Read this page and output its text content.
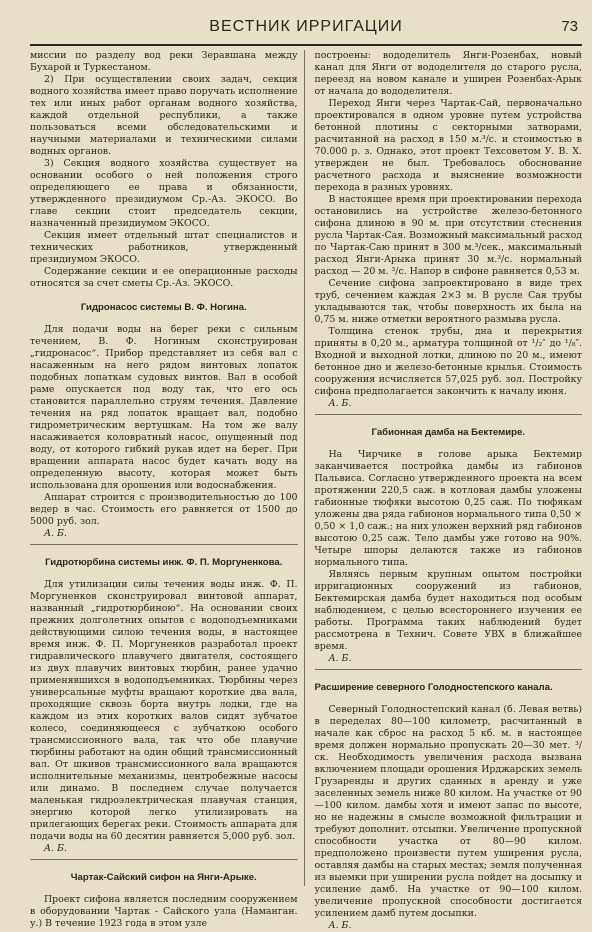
ВЕСТНИК ИРРИГАЦИИ	73

миссии по разделу вод реки Зеравшана между Бухарой и Туркестаном.

2) При осуществлении своих задач, секция водного хозяйства имеет право поручать исполнение тех или иных работ органам водного хозяйства, каждой отдельной республики, а также пользоваться всеми обследовательскими и научными материалами и техническими силами водных органов.

3) Секция водного хозяйства существует на основании особого о ней положения строго определяющего ее права и обязанности, утвержденного президиумом Ср.-Аз. ЭКОСО. Во главе секции стоит председатель секции, назначенный президиумом ЭКОСО.

Секция имеет отдельный штат специалистов и технических работников, утвержденный президиумом ЭКОСО.

Содержание секции и ее операционные расходы относятся за счет сметы Ср.-Аз. ЭКОСО.

Гидронасос системы В. Ф. Ногина.

Для подачи воды на берег реки с сильным течением, В. Ф. Ногиным сконструирован „гидронасос“. Прибор представляет из себя вал с насаженным на него рядом винтовых лопаток подобных лопаткам судовых винтов. Вал в особой раме опускается под воду так, что его ось становится параллельно струям течения. Давление течения на ряд лопаток вращает вал, подобно гидрометрическим вертушкам. На том же валу насаживается коловратный насос, опущенный под воду, от которого гибкий рукав идет на берег. При вращении аппарата насос будет качать воду на определенную высоту, которая может быть использована для орошения или водоснабжения.

Аппарат строится с производительностью до 100 ведер в час. Стоимость его равняется от 1500 до 5000 руб. зол.

А. Б.

Гидротюрбина системы инж. Ф. П. Моргуненкова.

Для утилизации силы течения воды инж. Ф. П. Моргуненков сконструировал винтовой аппарат, названный „гидротюрбиною“. На основании своих прежних долголетних опытов с водоподъемниками действующими силою течения воды, в настоящее время инж. Ф. П. Моргуненков разработал проект гидравлического плавучего двигателя, состоящего из двух плавучих винтовых тюрбин, ранее удачно применявшихся в водоподъемниках. Тюрбины через универсальные муфты вращают короткие два вала, проходящие сквозь борта внутрь лодки, где на каждом из этих коротких валов сидят зубчатое колесо, соединяющееся с зубчаткою особого трансмиссионного вала, так что обе плавучие тюрбины работают на один общий трансмиссионный вал. От шкивов трансмиссионного вала вращаются исполнительные механизмы, центробежные насосы или динамо. В последнем случае получается маленькая гидроэлектрическая плавучая станция, энергию которой легко утилизировать на прилегающих берегах реки. Стоимость аппарата для подачи воды на 60 десятин равняется 5,000 руб. зол.

А. Б.

Чартак-Сайский сифон на Янги-Арыке.

Проект сифона является последним сооружением в оборудовании Чартак - Сайского узла (Наманган. у.) В течение 1923 года в этом узле

построены: вододелитель Янги-Розенбах, новый канал для Янги от вододелителя до старого русла, переезд на новом канале и уширен Розенбах-Арык от начала до вододелителя.

Переход Янги через Чартак-Сай, первоначально проектировался в одном уровне путем устройства бетонной плотины с секторными затворами, расчитанной на расход в 150 м.³/с. и стоимостью в 70.000 р. з. Однако, этот проект Техсоветом У. В. Х. утвержден не был. Требовалось обоснование расчетного расхода и выяснение возможности перехода в разных уровнях.

В настоящее время при проектировании перехода остановились на устройстве железо-бетонного сифона длиною в 90 м. при отсутствии стеснения русла Чартак-Сая. Возможный максимальный расход по Чартак-Саю принят в 300 м.³/сек., максимальный расход Янги-Арыка принят 30 м.³/с. нормальный расход — 20 м. ³/с. Напор в сифоне равняется 0,53 м.

Сечение сифона запроектировано в виде трех труб, сечением каждая 2×3 м. В русле Сая трубы укладываются так, чтобы поверхность их была на 0,75 м. ниже отметки вероятного размыва русла.

Толщина стенок трубы, дна и перекрытия приняты в 0,20 м., арматура толщиной от ¹/₂″ до ¹/₈″. Входной и выходной лотки, длиною по 20 м., имеют бетонное дно и железо-бетонные крылья. Стоимость сооружения исчисляется 57,025 руб. зол. Постройку сифона предполагается закончить к началу июня.

А. Б.

Габионная дамба на Бектемире.

На Чирчике в голове арыка Бектемир заканчивается постройка дамбы из габионов Пальвиса. Согласно утвержденного проекта на всем протяжении 220,5 саж. в котловая дамбы уложены габионные тюфяки высотою 0,25 саж. По тюфякам уложены два ряда габионов нормального типа 0,50 × 0,50 × 1,0 саж.; на них уложен верхний ряд габионов высотою 0,25 саж. Тело дамбы уже готово на 90%. Четыре шпоры делаются также из габионов нормального типа.

Являясь первым крупным опытом постройки ирригационных сооружений из габионов, Бектемирская дамба будет находиться под особым наблюдением, с целью всестороннего изучения ее работы. Программа таких наблюдений будет рассмотрена в Технич. Совете УВХ в ближайшее время.

А. Б.

Расширение северного Голодностепского канала.

Северный Голодностепский канал (б. Левая ветвь) в переделах 80—100 километр, расчитанный в начале как сброс на расход 5 кб. м. в настоящее время должен нормально пропускать 20—30 мет. ³/ск. Необходимость увеличения расхода вызвана включением площади орошения Ирджарских земель Грузаренды и других сданных в аренду и уже заселенных земель ниже 80 килом. На участке от 90—100 килом. дамбы хотя и имеют запас по высоте, но не надежны в смысле возможной фильтрации и требуют дополнит. отсыпки. Увеличение пропускной способности участка от 80—90 килом. предположено произвести путем уширения русла, оставляя дамбы на старых местах; земля полученная из выемки при уширении русла пойдет на досыпку и усиление дамб. На участке от 90—100 килом. увеличение пропускной способности достигается усилением дамб путем досыпки.

А. Б.
